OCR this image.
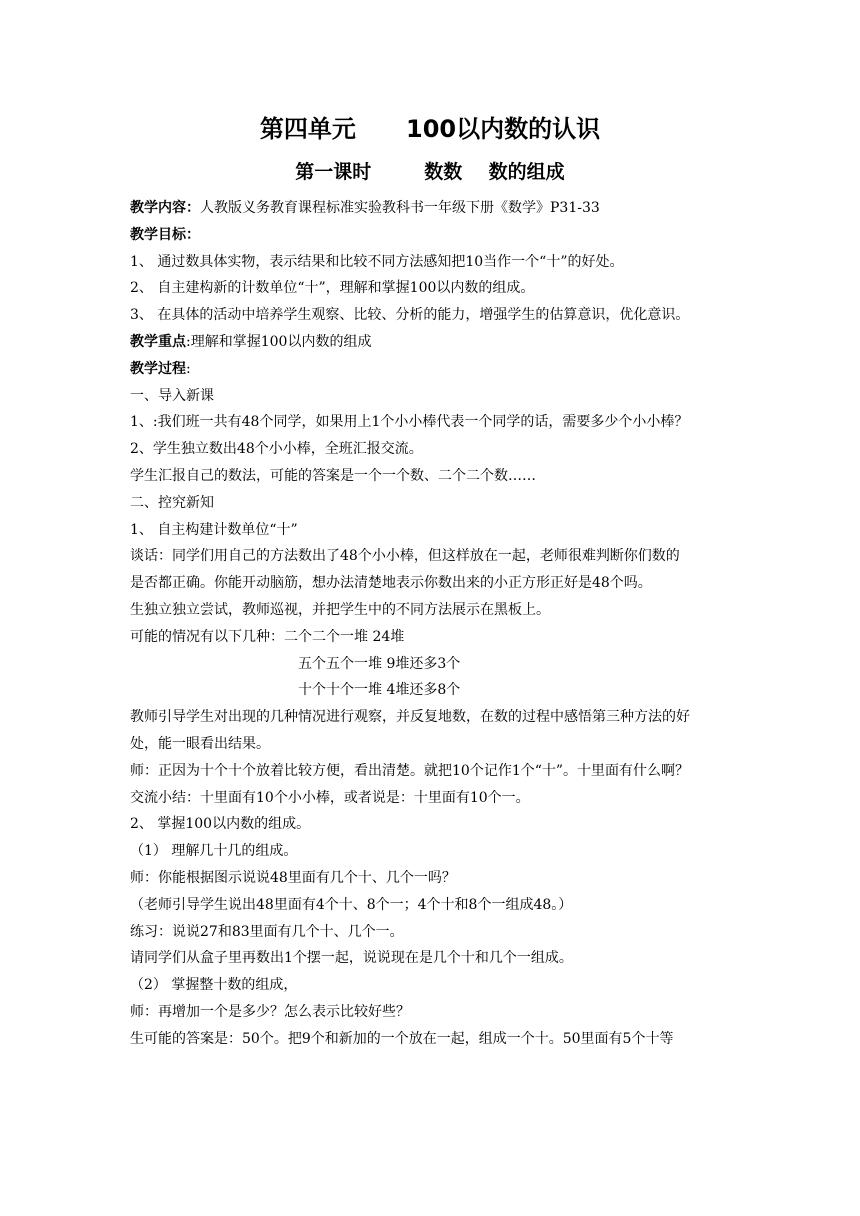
第四单元      100以内数的认识
第一课时        数数    数的组成
教学内容：人教版义务教育课程标准实验教科书一年级下册《数学》P31-33
教学目标：
1、 通过数具体实物，表示结果和比较不同方法感知把10当作一个“十”的好处。
2、 自主建构新的计数单位“十”，理解和掌握100以内数的组成。
3、 在具体的活动中培养学生观察、比较、分析的能力，增强学生的估算意识，优化意识。
教学重点:理解和掌握100以内数的组成
教学过程:
一、导入新课
1、:我们班一共有48个同学，如果用上1个小小棒代表一个同学的话，需要多少个小小棒？
2、学生独立数出48个小小棒，全班汇报交流。
学生汇报自己的数法，可能的答案是一个一个数、二个二个数……
二、控究新知
1、 自主构建计数单位“十”
谈话：同学们用自己的方法数出了48个小小棒，但这样放在一起，老师很难判断你们数的
是否都正确。你能开动脑筋，想办法清楚地表示你数出来的小正方形正好是48个吗。
生独立独立尝试，教师巡视，并把学生中的不同方法展示在黑板上。
可能的情况有以下几种：二个二个一堆 24堆
五个五个一堆 9堆还多3个
十个十个一堆 4堆还多8个
教师引导学生对出现的几种情况进行观察，并反复地数，在数的过程中感悟第三种方法的好
处，能一眼看出结果。
师：正因为十个十个放着比较方便，看出清楚。就把10个记作1个“十”。十里面有什么啊？
交流小结：十里面有10个小小棒，或者说是：十里面有10个一。
2、 掌握100以内数的组成。
（1） 理解几十几的组成。
师：你能根据图示说说48里面有几个十、几个一吗？
（老师引导学生说出48里面有4个十、8个一；4个十和8个一组成48。）
练习：说说27和83里面有几个十、几个一。
请同学们从盒子里再数出1个摆一起，说说现在是几个十和几个一组成。
（2） 掌握整十数的组成，
师：再增加一个是多少？怎么表示比较好些？
生可能的答案是：50个。把9个和新加的一个放在一起，组成一个十。50里面有5个十等
